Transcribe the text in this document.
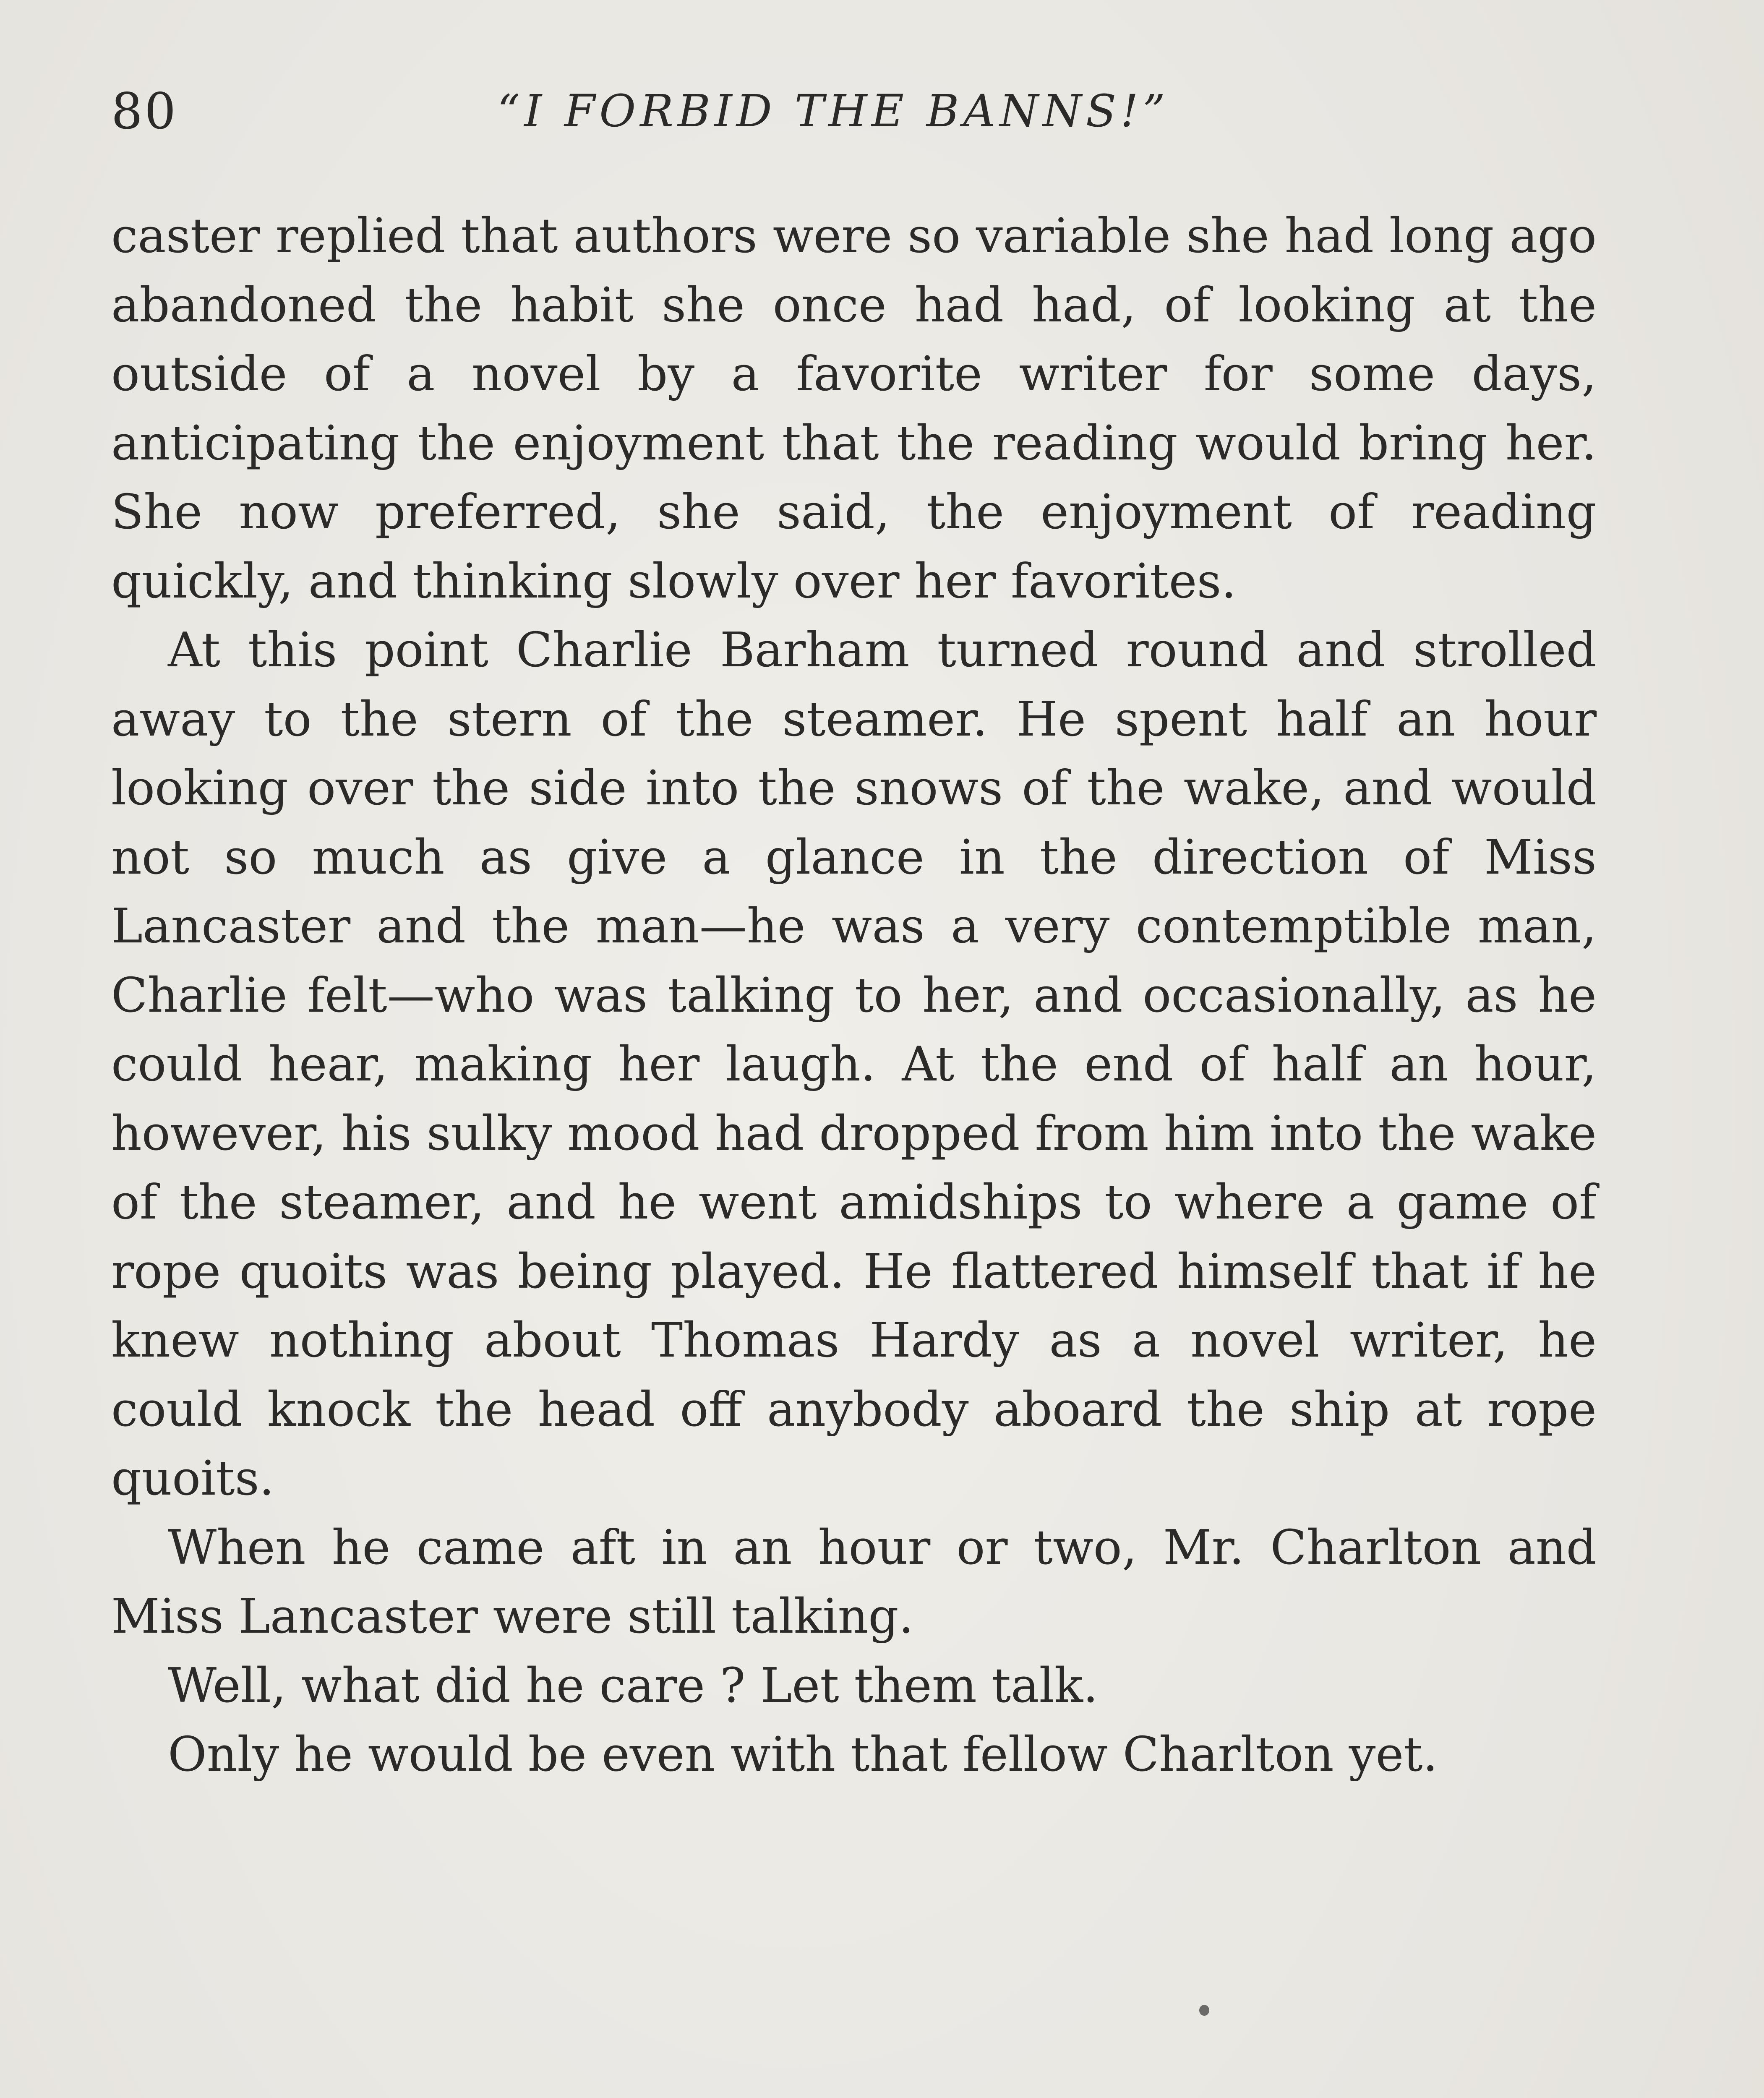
80	“I FORBID THE BANNS!”

caster replied that authors were so variable she had long ago abandoned the habit she once had had, of looking at the outside of a novel by a favorite writer for some days, anticipating the enjoyment that the reading would bring her. She now preferred, she said, the enjoyment of reading quickly, and thinking slowly over her favorites.

At this point Charlie Barham turned round and strolled away to the stern of the steamer. He spent half an hour looking over the side into the snows of the wake, and would not so much as give a glance in the direction of Miss Lancaster and the man—he was a very contemptible man, Charlie felt—who was talking to her, and occasionally, as he could hear, making her laugh. At the end of half an hour, however, his sulky mood had dropped from him into the wake of the steamer, and he went amidships to where a game of rope quoits was being played. He flattered himself that if he knew nothing about Thomas Hardy as a novel writer, he could knock the head off anybody aboard the ship at rope quoits.

When he came aft in an hour or two, Mr. Charlton and Miss Lancaster were still talking.

Well, what did he care ? Let them talk.

Only he would be even with that fellow Charlton yet.
